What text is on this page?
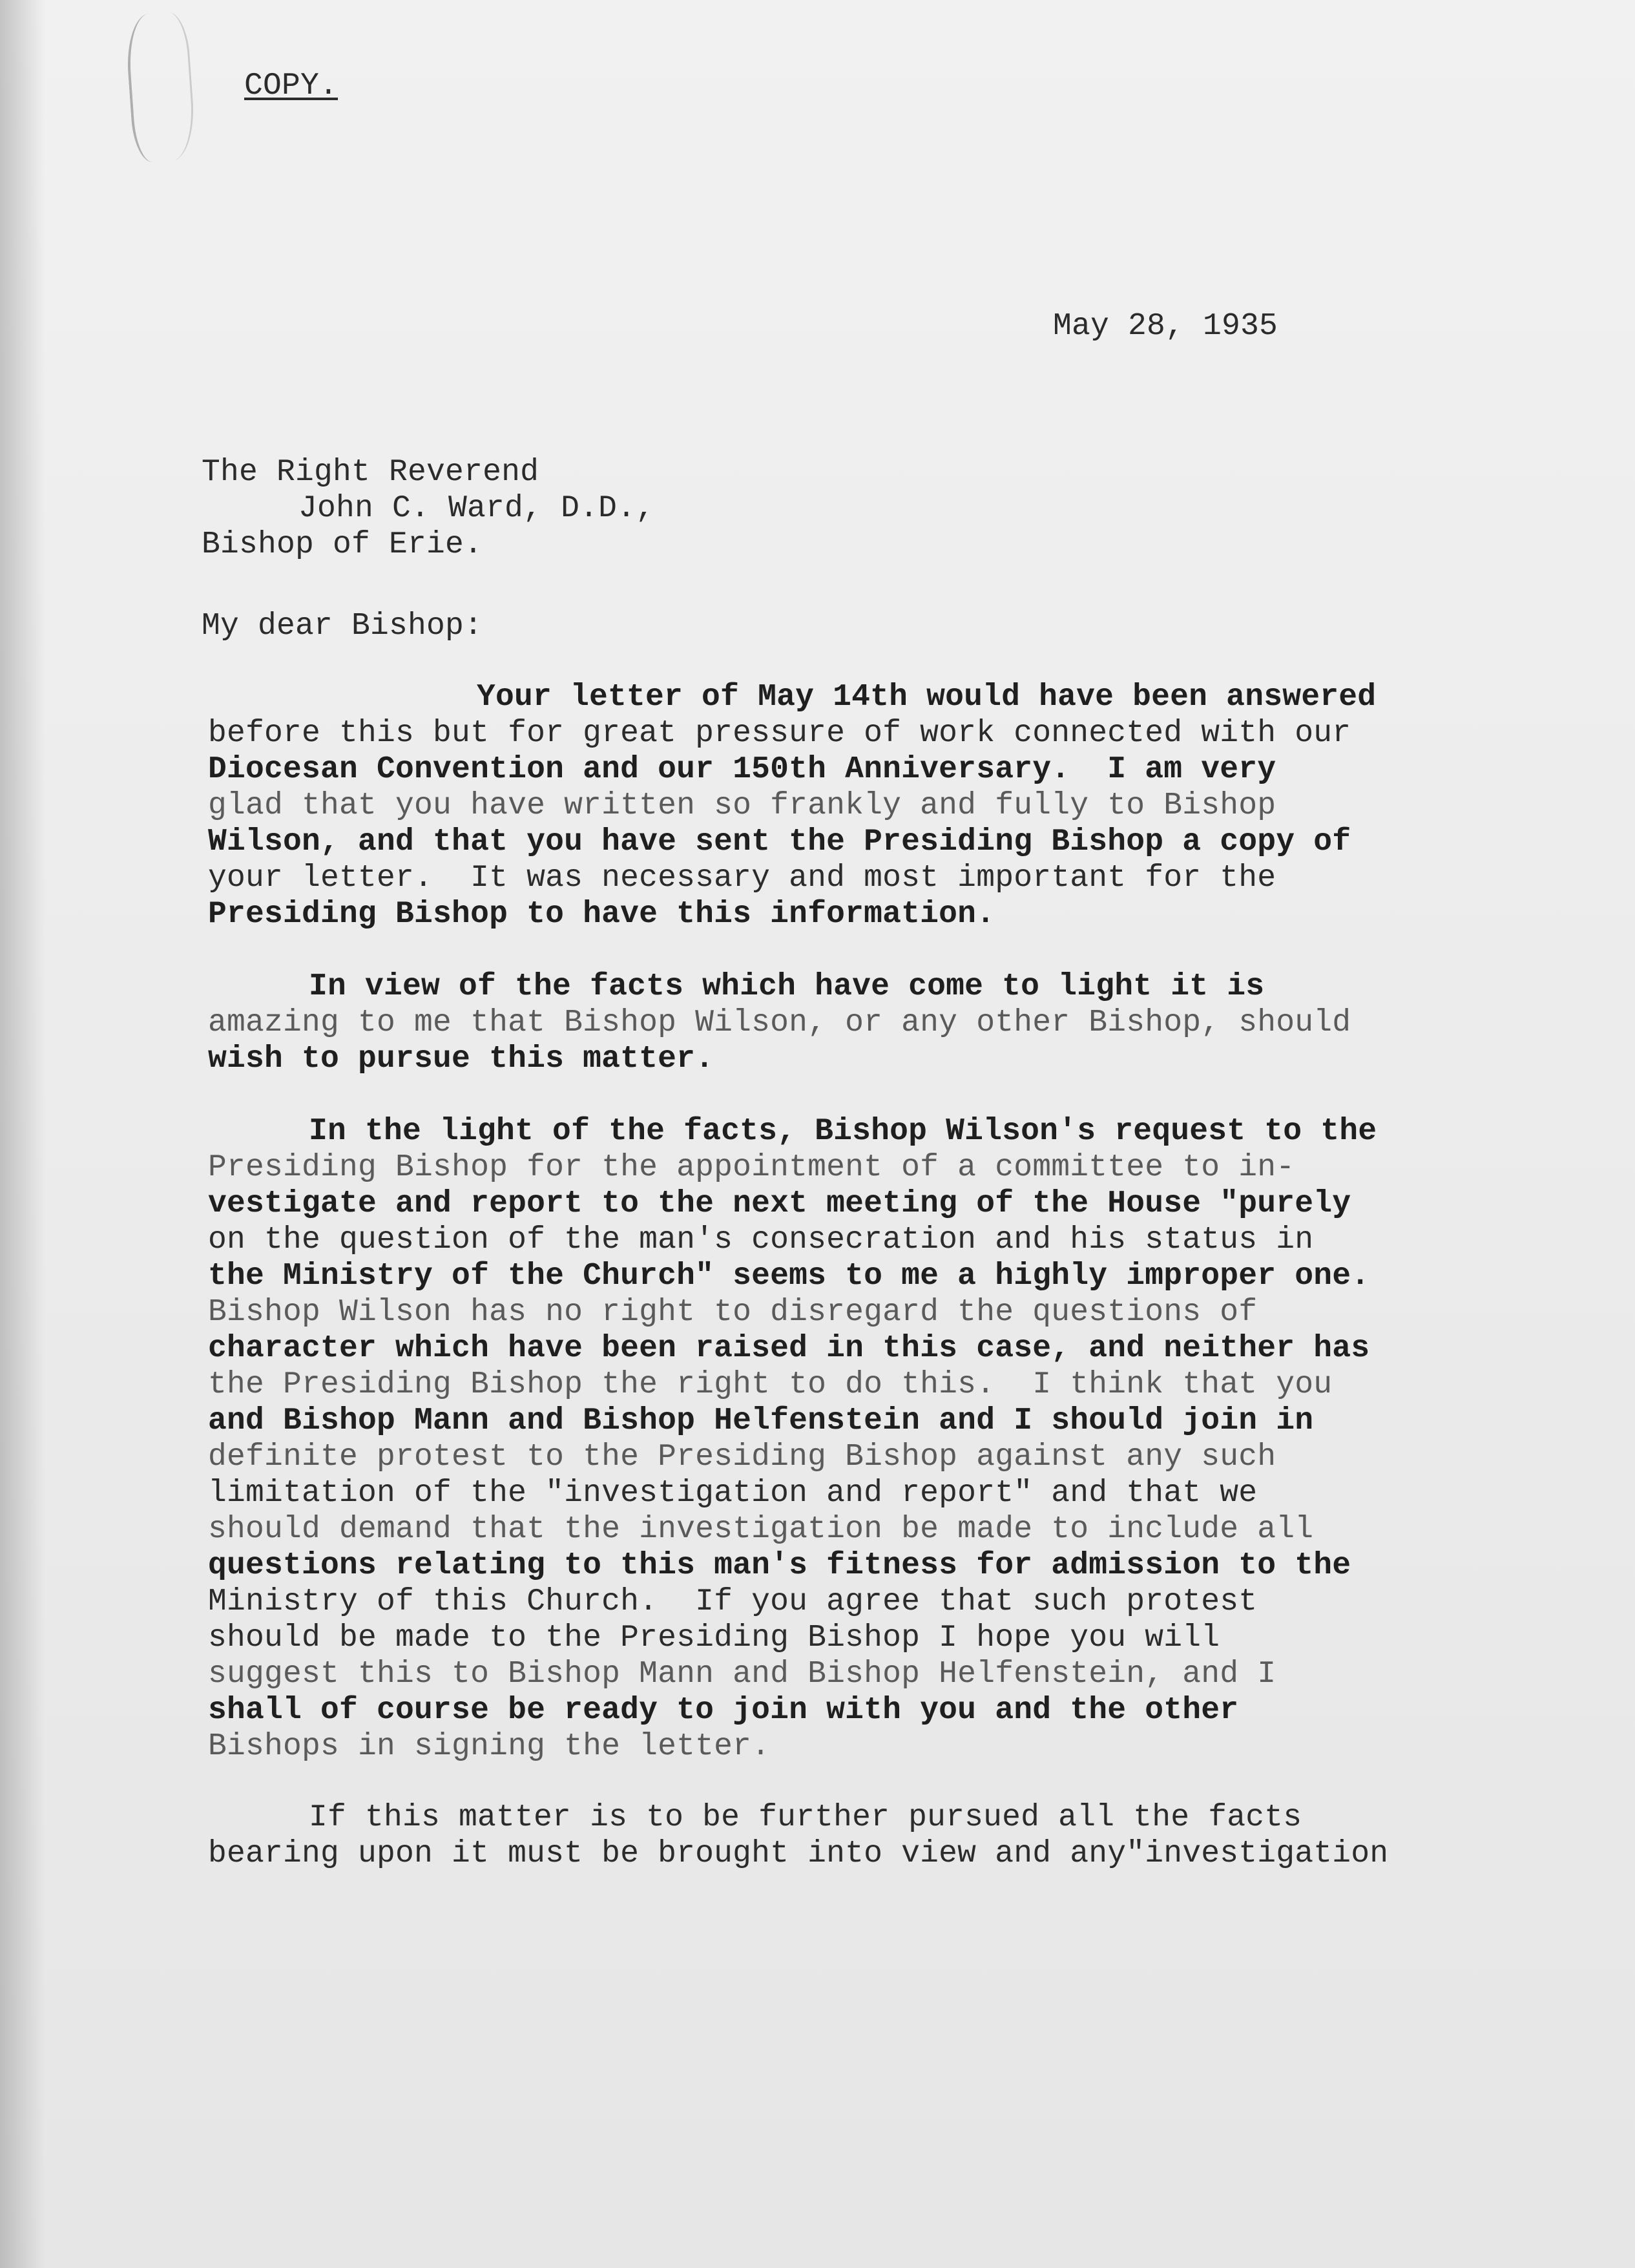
COPY.
May 28, 1935
The Right Reverend
John C. Ward, D.D.,
Bishop of Erie.
My dear Bishop:
Your letter of May 14th would have been answered
before this but for great pressure of work connected with our
Diocesan Convention and our 150th Anniversary.  I am very
glad that you have written so frankly and fully to Bishop
Wilson, and that you have sent the Presiding Bishop a copy of
your letter.  It was necessary and most important for the
Presiding Bishop to have this information.
In view of the facts which have come to light it is
amazing to me that Bishop Wilson, or any other Bishop, should
wish to pursue this matter.
In the light of the facts, Bishop Wilson's request to the
Presiding Bishop for the appointment of a committee to in-
vestigate and report to the next meeting of the House "purely
on the question of the man's consecration and his status in
the Ministry of the Church" seems to me a highly improper one.
Bishop Wilson has no right to disregard the questions of
character which have been raised in this case, and neither has
the Presiding Bishop the right to do this.  I think that you
and Bishop Mann and Bishop Helfenstein and I should join in
definite protest to the Presiding Bishop against any such
limitation of the "investigation and report" and that we
should demand that the investigation be made to include all
questions relating to this man's fitness for admission to the
Ministry of this Church.  If you agree that such protest
should be made to the Presiding Bishop I hope you will
suggest this to Bishop Mann and Bishop Helfenstein, and I
shall of course be ready to join with you and the other
Bishops in signing the letter.
If this matter is to be further pursued all the facts
bearing upon it must be brought into view and any"investigation
